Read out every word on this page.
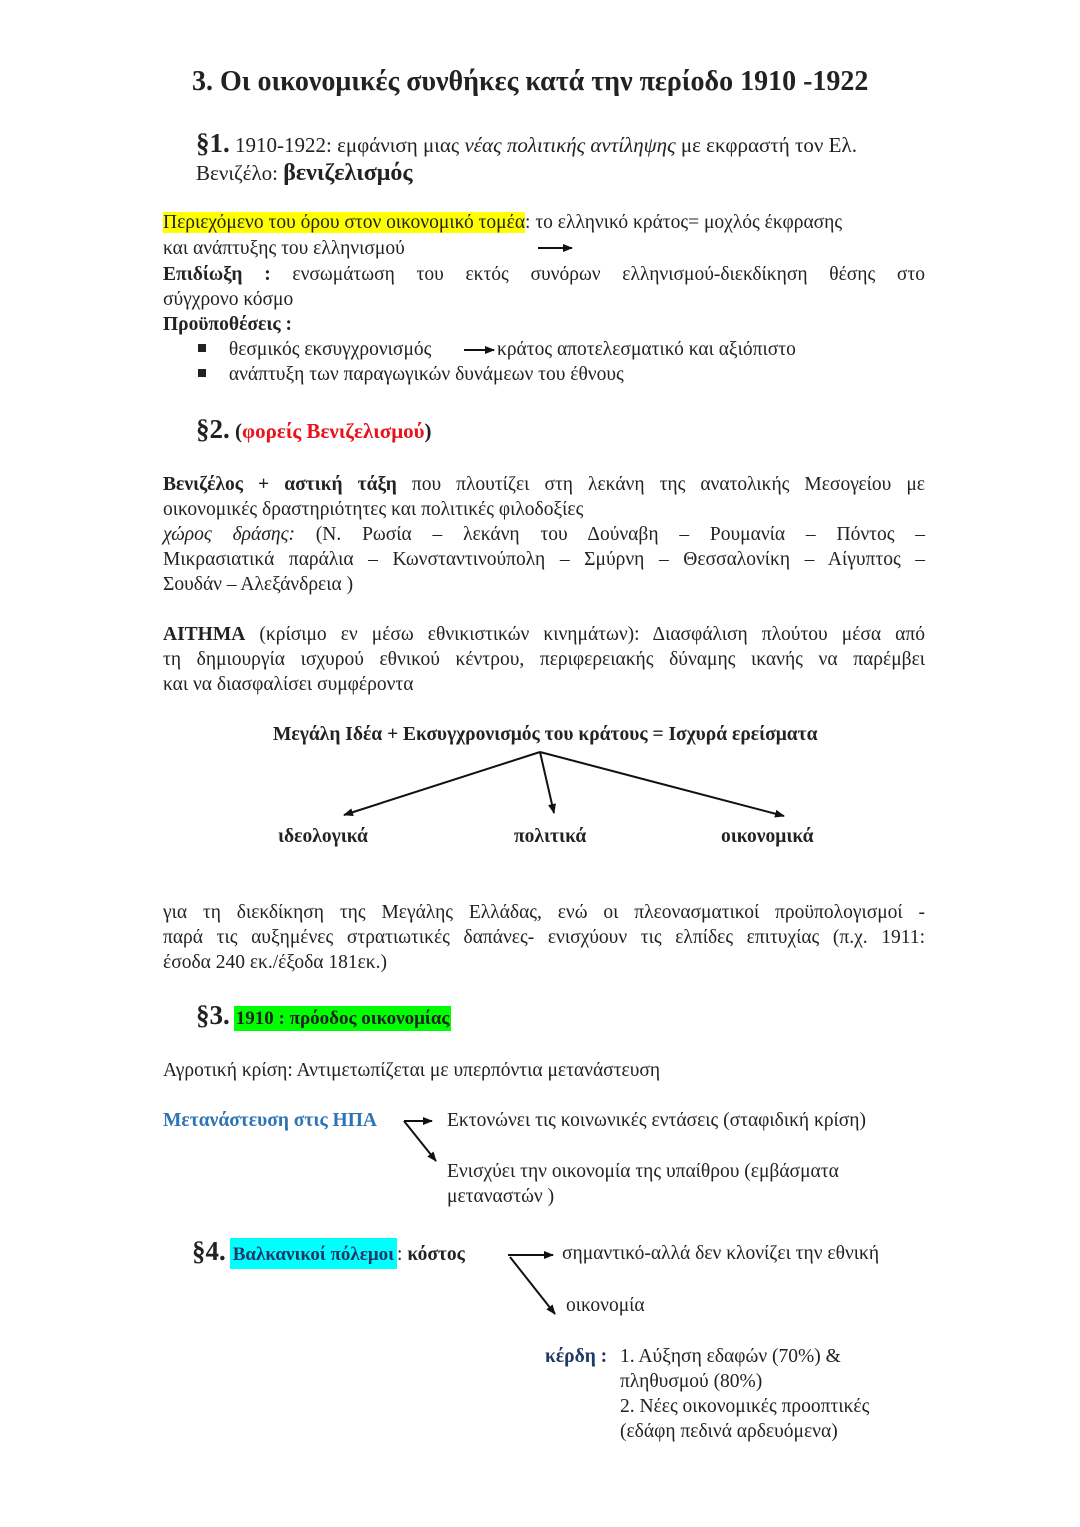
3. Οι οικονομικές συνθήκες κατά την περίοδο 1910 -1922
§1. 1910-1922: εμφάνιση μιας νέας πολιτικής αντίληψης με εκφραστή τον Ελ.
Βενιζέλο: βενιζελισμός
Περιεχόμενο του όρου στον οικονομικό τομέα: το ελληνικό κράτος= μοχλός έκφρασης
και ανάπτυξης του ελληνισμού
Επιδίωξη : ενσωμάτωση του εκτός συνόρων ελληνισμού-διεκδίκηση θέσης στο
σύγχρονο κόσμο
Προϋποθέσεις :
θεσμικός εκσυγχρονισμός	κράτος αποτελεσματικό και αξιόπιστο
ανάπτυξη των παραγωγικών δυνάμεων του έθνους
§2. (φορείς Βενιζελισμού)
Βενιζέλος + αστική τάξη που πλουτίζει στη λεκάνη της ανατολικής Μεσογείου με
οικονομικές δραστηριότητες και πολιτικές φιλοδοξίες
χώρος δράσης: (Ν. Ρωσία – λεκάνη του Δούναβη – Ρουμανία – Πόντος –
Μικρασιατικά παράλια – Κωνσταντινούπολη – Σμύρνη – Θεσσαλονίκη – Αίγυπτος –
Σουδάν – Αλεξάνδρεια )
ΑΙΤΗΜΑ (κρίσιμο εν μέσω εθνικιστικών κινημάτων): Διασφάλιση πλούτου μέσα από
τη δημιουργία ισχυρού εθνικού κέντρου, περιφερειακής δύναμης ικανής να παρέμβει
και να διασφαλίσει συμφέροντα
Μεγάλη Ιδέα + Εκσυγχρονισμός του κράτους = Ισχυρά ερείσματα
ιδεολογικά	πολιτικά	οικονομικά
για τη διεκδίκηση της Μεγάλης Ελλάδας, ενώ οι πλεονασματικοί προϋπολογισμοί -
παρά τις αυξημένες στρατιωτικές δαπάνες- ενισχύουν τις ελπίδες επιτυχίας (π.χ. 1911:
έσοδα 240 εκ./έξοδα 181εκ.)
§3. 1910 : πρόοδος οικονομίας
Αγροτική κρίση: Αντιμετωπίζεται με υπερπόντια μετανάστευση
Μετανάστευση στις ΗΠΑ	Εκτονώνει τις κοινωνικές εντάσεις (σταφιδική κρίση)
Ενισχύει την οικονομία της υπαίθρου (εμβάσματα
μεταναστών )
§4. Βαλκανικοί πόλεμοι : κόστος	σημαντικό-αλλά δεν κλονίζει την εθνική
οικονομία
κέρδη : 1. Αύξηση εδαφών (70%) &
πληθυσμού (80%)
2. Νέες οικονομικές προοπτικές
(εδάφη πεδινά αρδευόμενα)
